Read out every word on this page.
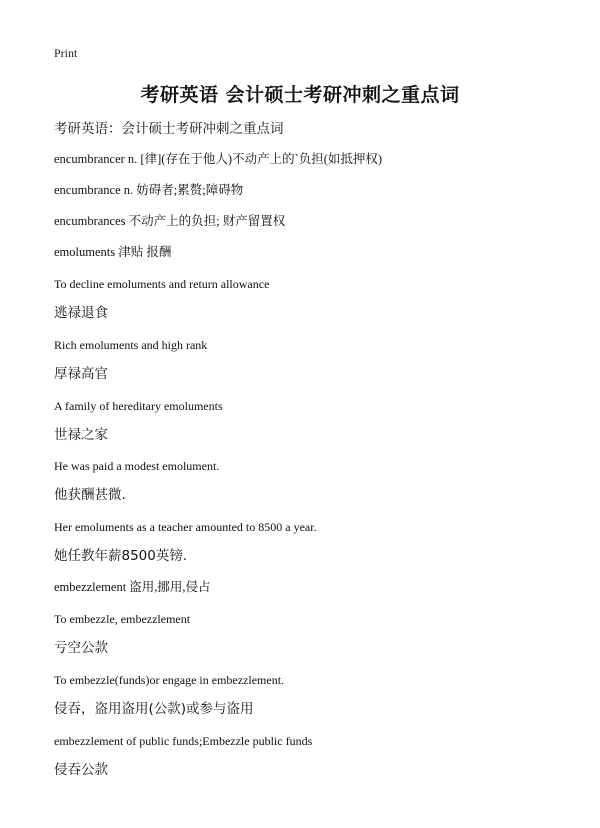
Print
考研英语 会计硕士考研冲刺之重点词
考研英语：会计硕士考研冲刺之重点词
encumbrancer n. [律](存在于他人)不动产上的`负担(如抵押权)
encumbrance n. 妨碍者;累赘;障碍物
encumbrances 不动产上的负担; 财产留置权
emoluments 津贴 报酬
To decline emoluments and return allowance
逃禄退食
Rich emoluments and high rank
厚禄高官
A family of hereditary emoluments
世禄之家
He was paid a modest emolument.
他获酬甚微.
Her emoluments as a teacher amounted to 8500 a year.
她任教年薪8500英镑.
embezzlement 盗用,挪用,侵占
To embezzle, embezzlement
亏空公款
To embezzle(funds)or engage in embezzlement.
侵吞，盗用盗用(公款)或参与盗用
embezzlement of public funds;Embezzle public funds
侵吞公款
